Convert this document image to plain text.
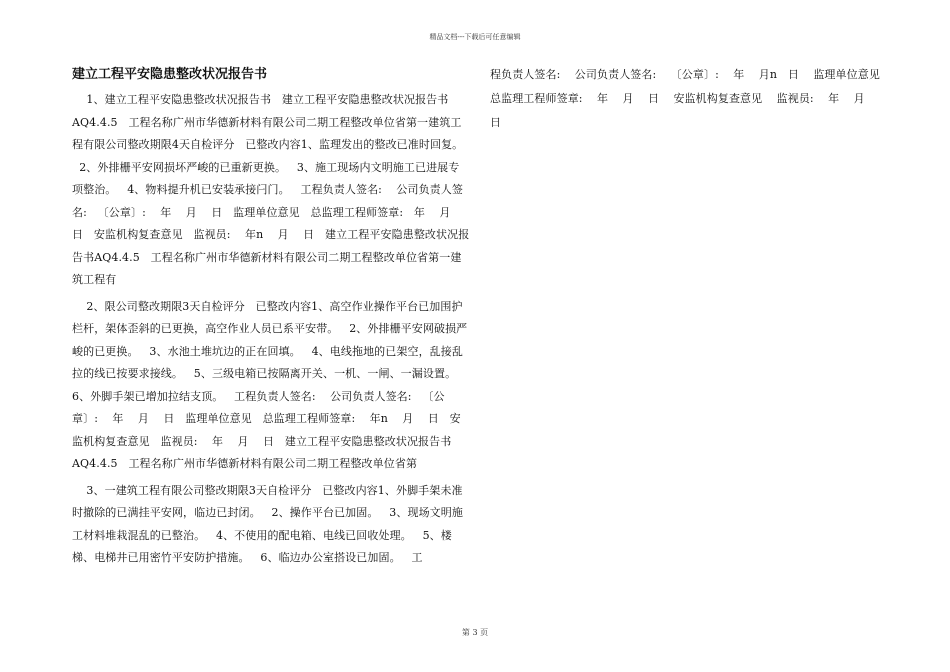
精品文档---下载后可任意编辑
建立工程平安隐患整改状况报告书

1、建立工程平安隐患整改状况报告书   建立工程平安隐患整改状况报告书 AQ4.4.5   工程名称广州市华德新材料有限公司二期工程整改单位省第一建筑工程有限公司整改期限4天自检评分   已整改内容1、监理发出的整改已准时回复。

2、外排栅平安网损坏严峻的已重新更换。   3、施工现场内文明施工已进展专项整治。   4、物料提升机已安装承接闩门。   工程负责人签名:    公司负责人签名:   〔公章〕:    年    月    日   监理单位意见   总监理工程师签章:   年    月    日   安监机构复查意见   监视员:    年n    月    日   建立工程平安隐患整改状况报告书AQ4.4.5   工程名称广州市华德新材料有限公司二期工程整改单位省第一建筑工程有

2、限公司整改期限3天自检评分   已整改内容1、高空作业操作平台已加围护栏杆，架体歪斜的已更换，高空作业人员已系平安带。   2、外排栅平安网破损严峻的已更换。   3、水池土堆坑边的正在回填。   4、电线拖地的已架空，乱接乱拉的线已按要求接线。   5、三级电箱已按隔离开关、一机、一闸、一漏设置。   6、外脚手架已增加拉结支顶。   工程负责人签名:    公司负责人签名:   〔公章〕:    年    月    日   监理单位意见   总监理工程师签章:    年n    月    日   安监机构复查意见   监视员:    年    月    日   建立工程平安隐患整改状况报告书AQ4.4.5   工程名称广州市华德新材料有限公司二期工程整改单位省第

3、一建筑工程有限公司整改期限3天自检评分   已整改内容1、外脚手架未准时撤除的已满挂平安网，临边已封闭。   2、操作平台已加固。   3、现场文明施工材料堆栽混乱的已整治。   4、不使用的配电箱、电线已回收处理。   5、楼梯、电梯井已用密竹平安防护措施。   6、临边办公室搭设已加固。   工

程负责人签名:    公司负责人签名:    〔公章〕:    年    月n   日    监理单位意见    总监理工程师签章:    年    月    日    安监机构复查意见    监视员:    年    月    日

第 3 页
